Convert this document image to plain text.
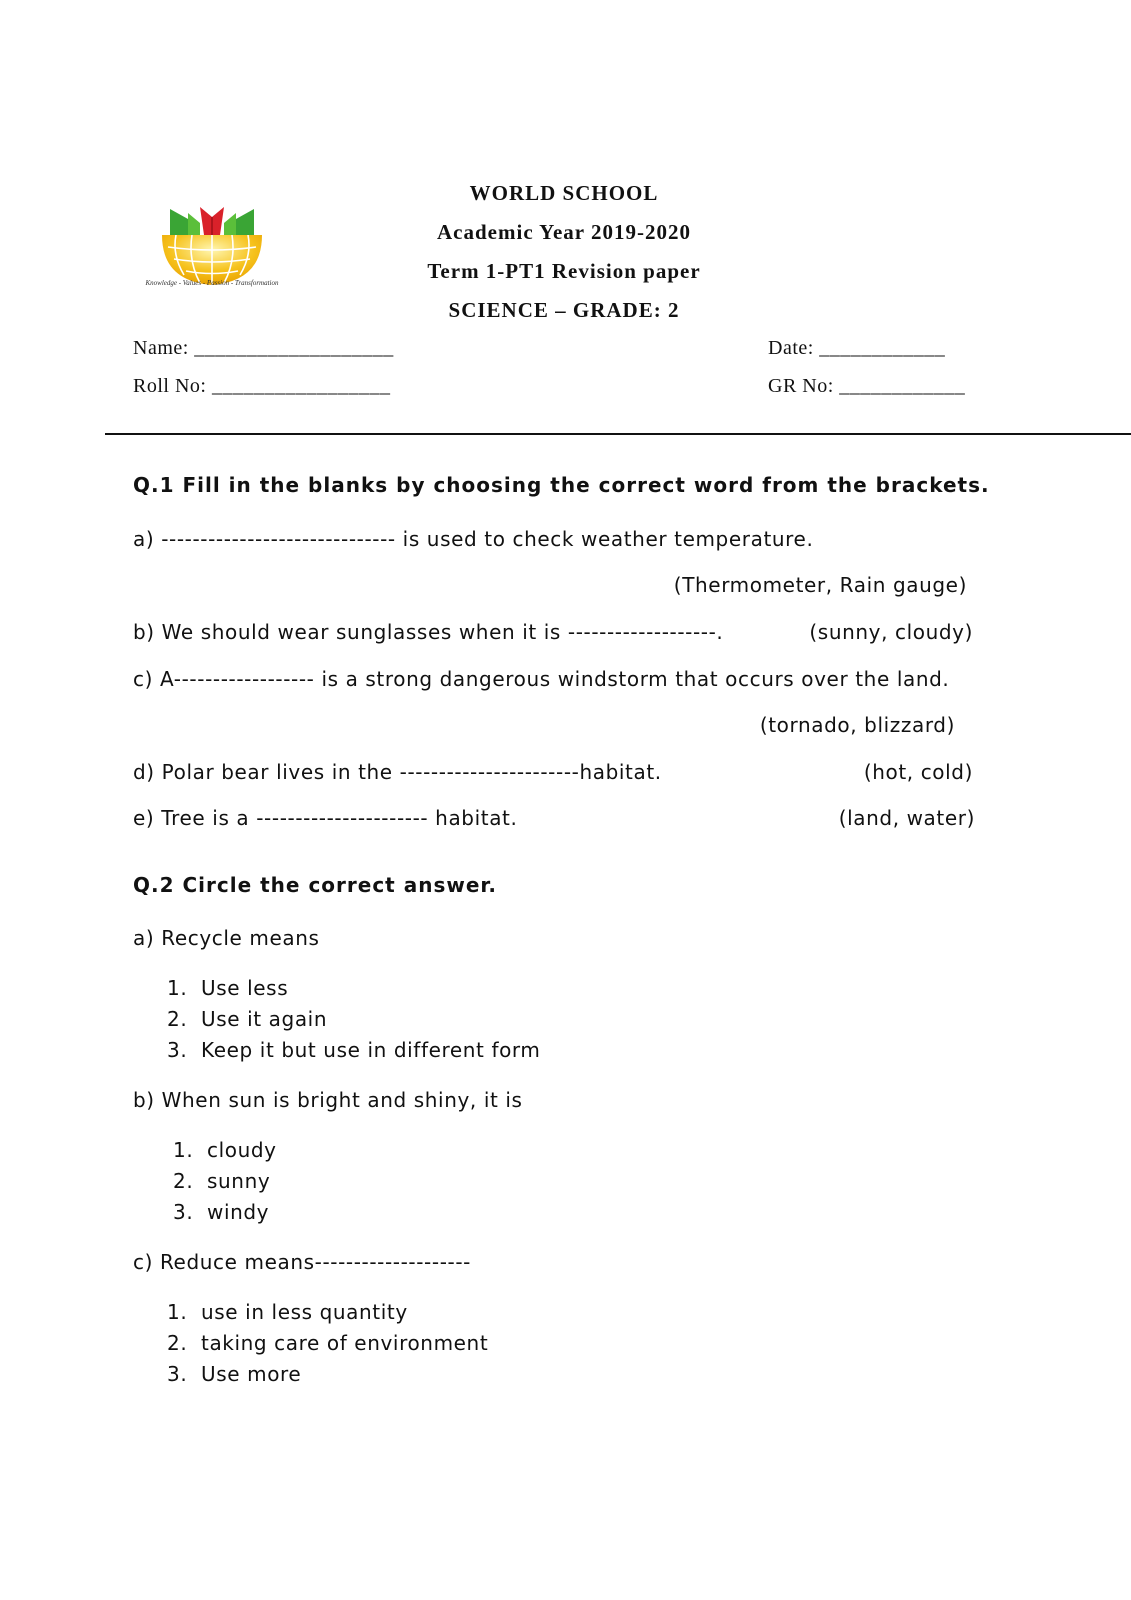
Knowledge - Values - Passion - Transformation
WORLD SCHOOL
Academic Year 2019-2020
Term 1-PT1 Revision paper
SCIENCE – GRADE: 2
Name: ___________________
Roll No: _________________
Date: ____________
GR No: ____________
Q.1 Fill in the blanks by choosing the correct word from the brackets.
a) ------------------------------ is used to check weather temperature.
(Thermometer, Rain gauge)
b) We should wear sunglasses when it is -------------------.	(sunny, cloudy)
c) A------------------ is a strong dangerous windstorm that occurs over the land.
(tornado, blizzard)
d) Polar bear lives in the -----------------------habitat.	(hot, cold)
e) Tree is a ---------------------- habitat.	(land, water)
Q.2 Circle the correct answer.
a) Recycle means
1. Use less
2. Use it again
3. Keep it but use in different form
b) When sun is bright and shiny, it is
1. cloudy
2. sunny
3. windy
c) Reduce means--------------------
1. use in less quantity
2. taking care of environment
3. Use more
